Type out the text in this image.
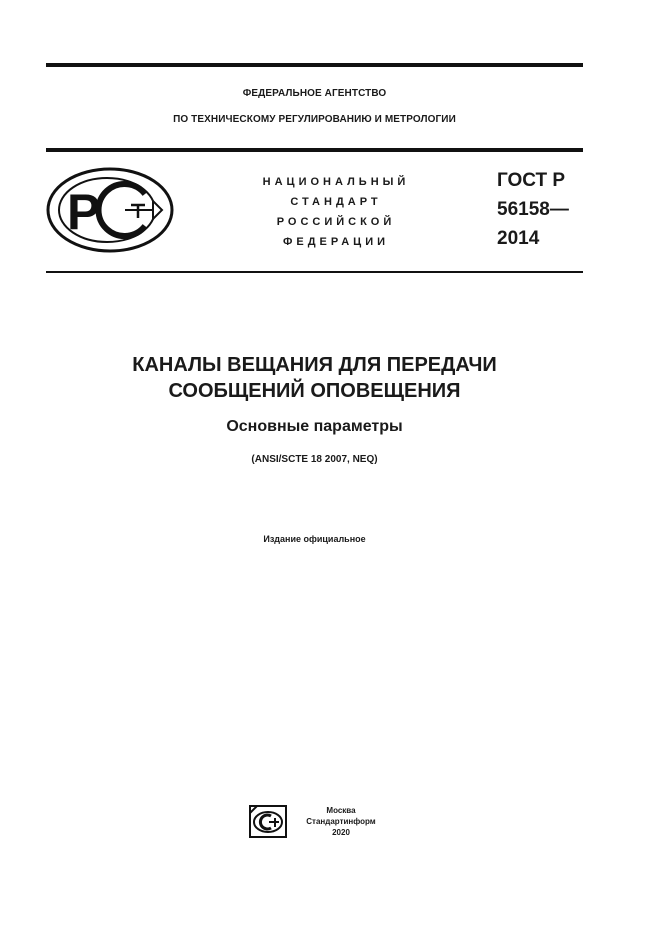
ФЕДЕРАЛЬНОЕ АГЕНТСТВО
ПО ТЕХНИЧЕСКОМУ РЕГУЛИРОВАНИЮ И МЕТРОЛОГИИ
Р
НАЦИОНАЛЬНЫЙ
СТАНДАРТ
РОССИЙСКОЙ
ФЕДЕРАЦИИ
ГОСТ Р
56158—
2014
КАНАЛЫ ВЕЩАНИЯ ДЛЯ ПЕРЕДАЧИ
СООБЩЕНИЙ ОПОВЕЩЕНИЯ
Основные параметры
(ANSI/SCTE 18 2007, NEQ)
Издание официальное
Москва
Стандартинформ
2020
